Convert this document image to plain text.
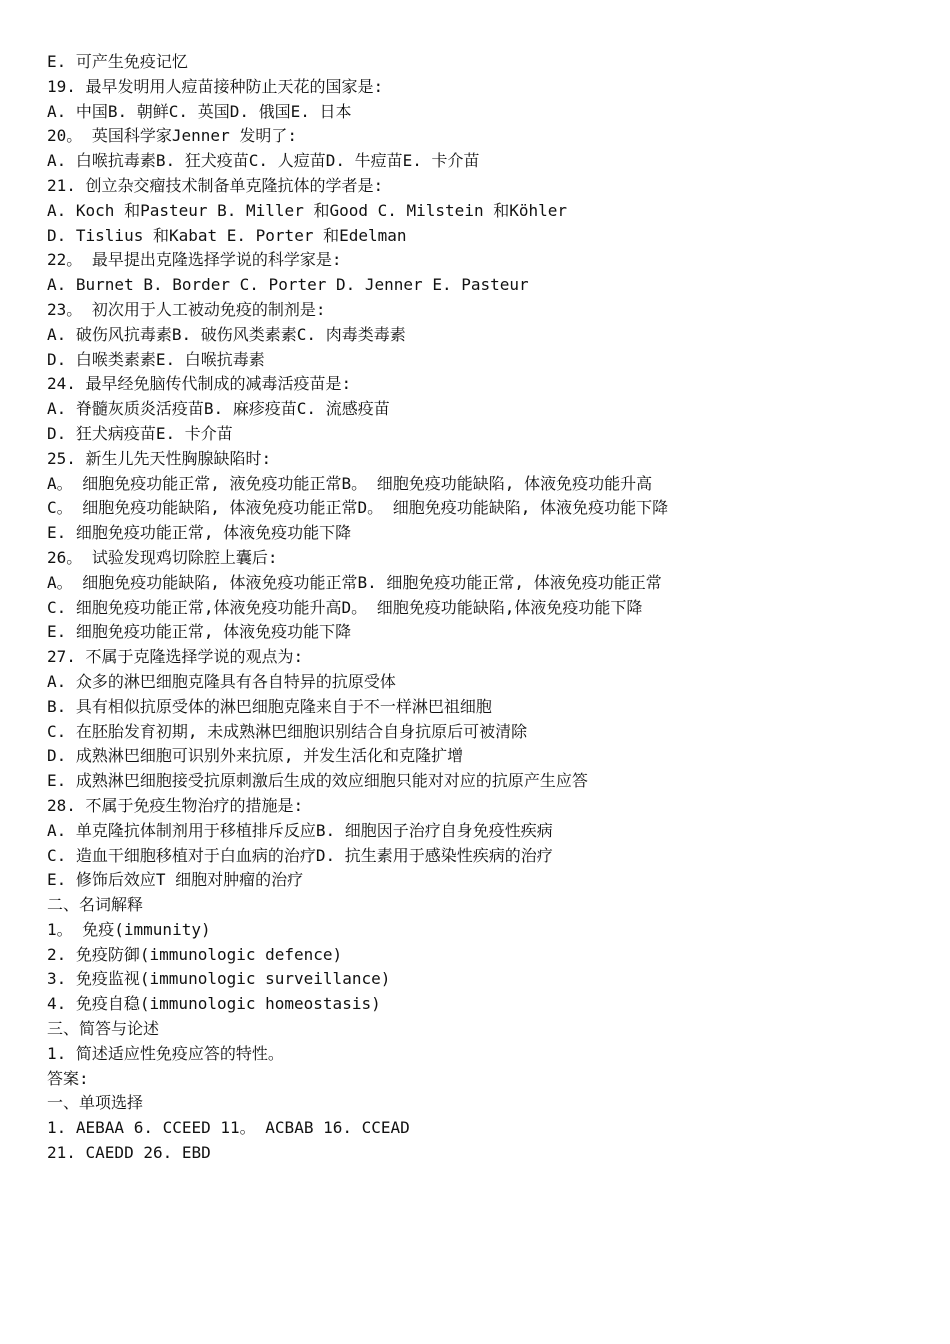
E. 可产生免疫记忆
19. 最早发明用人痘苗接种防止天花的国家是:
A. 中国B. 朝鲜C. 英国D. 俄国E. 日本
20。 英国科学家Jenner 发明了:
A. 白喉抗毒素B. 狂犬疫苗C. 人痘苗D. 牛痘苗E. 卡介苗
21. 创立杂交瘤技术制备单克隆抗体的学者是:
A. Koch 和Pasteur B. Miller 和Good C. Milstein 和Köhler
D. Tislius 和Kabat E. Porter 和Edelman
22。 最早提出克隆选择学说的科学家是:
A. Burnet B. Border C. Porter D. Jenner E. Pasteur
23。 初次用于人工被动免疫的制剂是:
A. 破伤风抗毒素B. 破伤风类素素C. 肉毒类毒素
D. 白喉类素素E. 白喉抗毒素
24. 最早经免脑传代制成的减毒活疫苗是:
A. 脊髓灰质炎活疫苗B. 麻疹疫苗C. 流感疫苗
D. 狂犬病疫苗E. 卡介苗
25. 新生儿先天性胸腺缺陷时:
A。 细胞免疫功能正常, 液免疫功能正常B。 细胞免疫功能缺陷, 体液免疫功能升高
C。 细胞免疫功能缺陷, 体液免疫功能正常D。 细胞免疫功能缺陷, 体液免疫功能下降
E. 细胞免疫功能正常, 体液免疫功能下降
26。 试验发现鸡切除腔上囊后:
A。 细胞免疫功能缺陷, 体液免疫功能正常B. 细胞免疫功能正常, 体液免疫功能正常
C. 细胞免疫功能正常,体液免疫功能升高D。 细胞免疫功能缺陷,体液免疫功能下降
E. 细胞免疫功能正常, 体液免疫功能下降
27. 不属于克隆选择学说的观点为:
A. 众多的淋巴细胞克隆具有各自特异的抗原受体
B. 具有相似抗原受体的淋巴细胞克隆来自于不一样淋巴祖细胞
C. 在胚胎发育初期, 未成熟淋巴细胞识别结合自身抗原后可被清除
D. 成熟淋巴细胞可识别外来抗原, 并发生活化和克隆扩增
E. 成熟淋巴细胞接受抗原刺激后生成的效应细胞只能对对应的抗原产生应答
28. 不属于免疫生物治疗的措施是:
A. 单克隆抗体制剂用于移植排斥反应B. 细胞因子治疗自身免疫性疾病
C. 造血干细胞移植对于白血病的治疗D. 抗生素用于感染性疾病的治疗
E. 修饰后效应T 细胞对肿瘤的治疗
二、名词解释
1。 免疫(immunity)
2. 免疫防御(immunologic defence)
3. 免疫监视(immunologic surveillance)
4. 免疫自稳(immunologic homeostasis)
三、简答与论述
1. 简述适应性免疫应答的特性。
答案:
一、单项选择
1. AEBAA 6. CCEED 11。 ACBAB 16. CCEAD
21. CAEDD 26. EBD
